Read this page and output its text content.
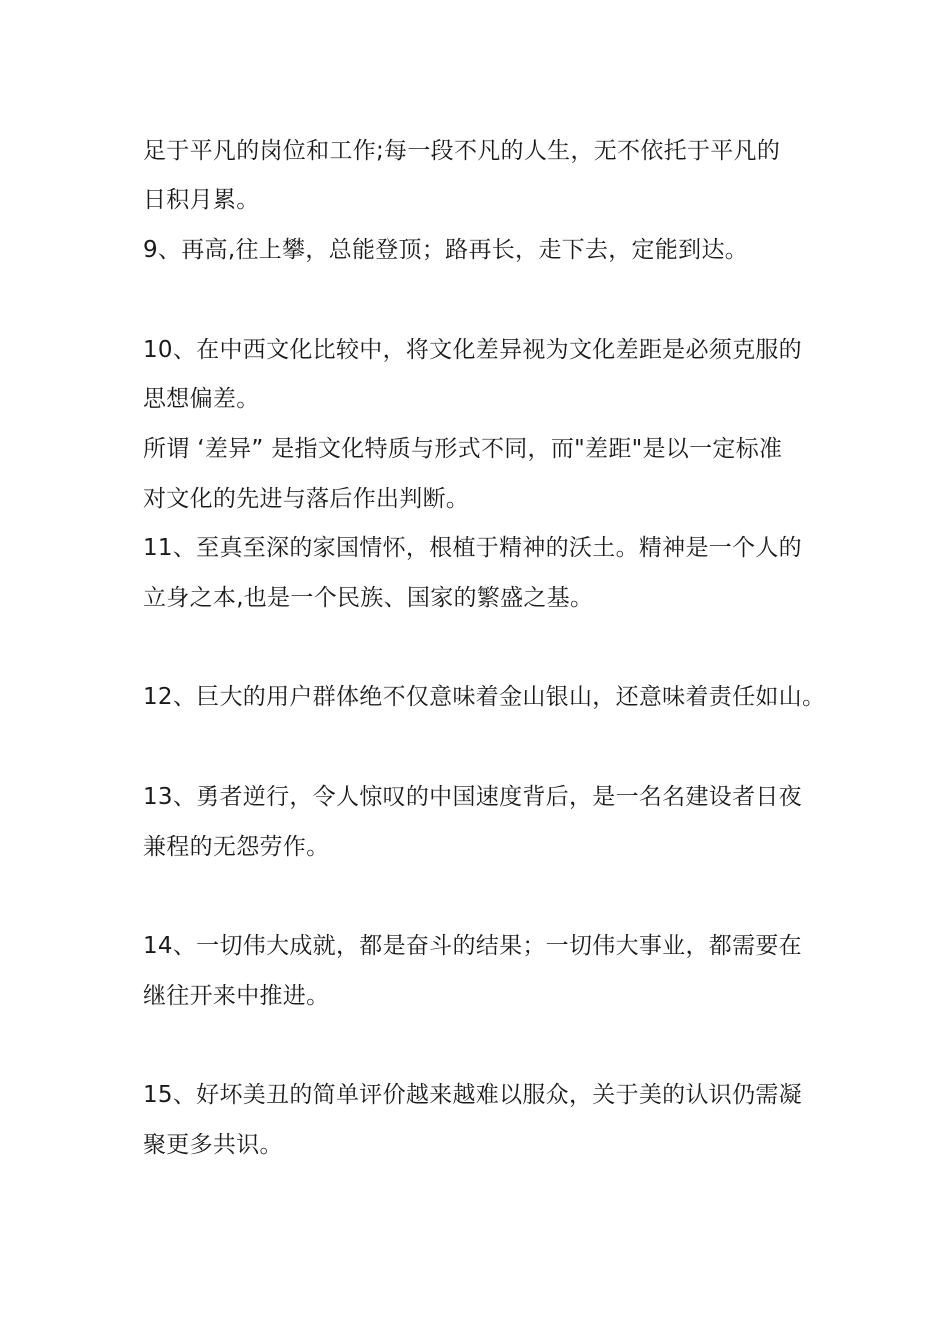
足于平凡的岗位和工作;每一段不凡的人生，无不依托于平凡的
日积月累。
9、再高,往上攀，总能登顶；路再长，走下去，定能到达。
10、在中西文化比较中，将文化差异视为文化差距是必须克服的
思想偏差。
所谓 ‘差异” 是指文化特质与形式不同，而"差距"是以一定标准
对文化的先进与落后作出判断。
11、至真至深的家国情怀，根植于精神的沃土。精神是一个人的
立身之本,也是一个民族、国家的繁盛之基。
12、巨大的用户群体绝不仅意味着金山银山，还意味着责任如山。
13、勇者逆行，令人惊叹的中国速度背后，是一名名建设者日夜
兼程的无怨劳作。
14、一切伟大成就，都是奋斗的结果；一切伟大事业，都需要在
继往开来中推进。
15、好坏美丑的简单评价越来越难以服众，关于美的认识仍需凝
聚更多共识。
